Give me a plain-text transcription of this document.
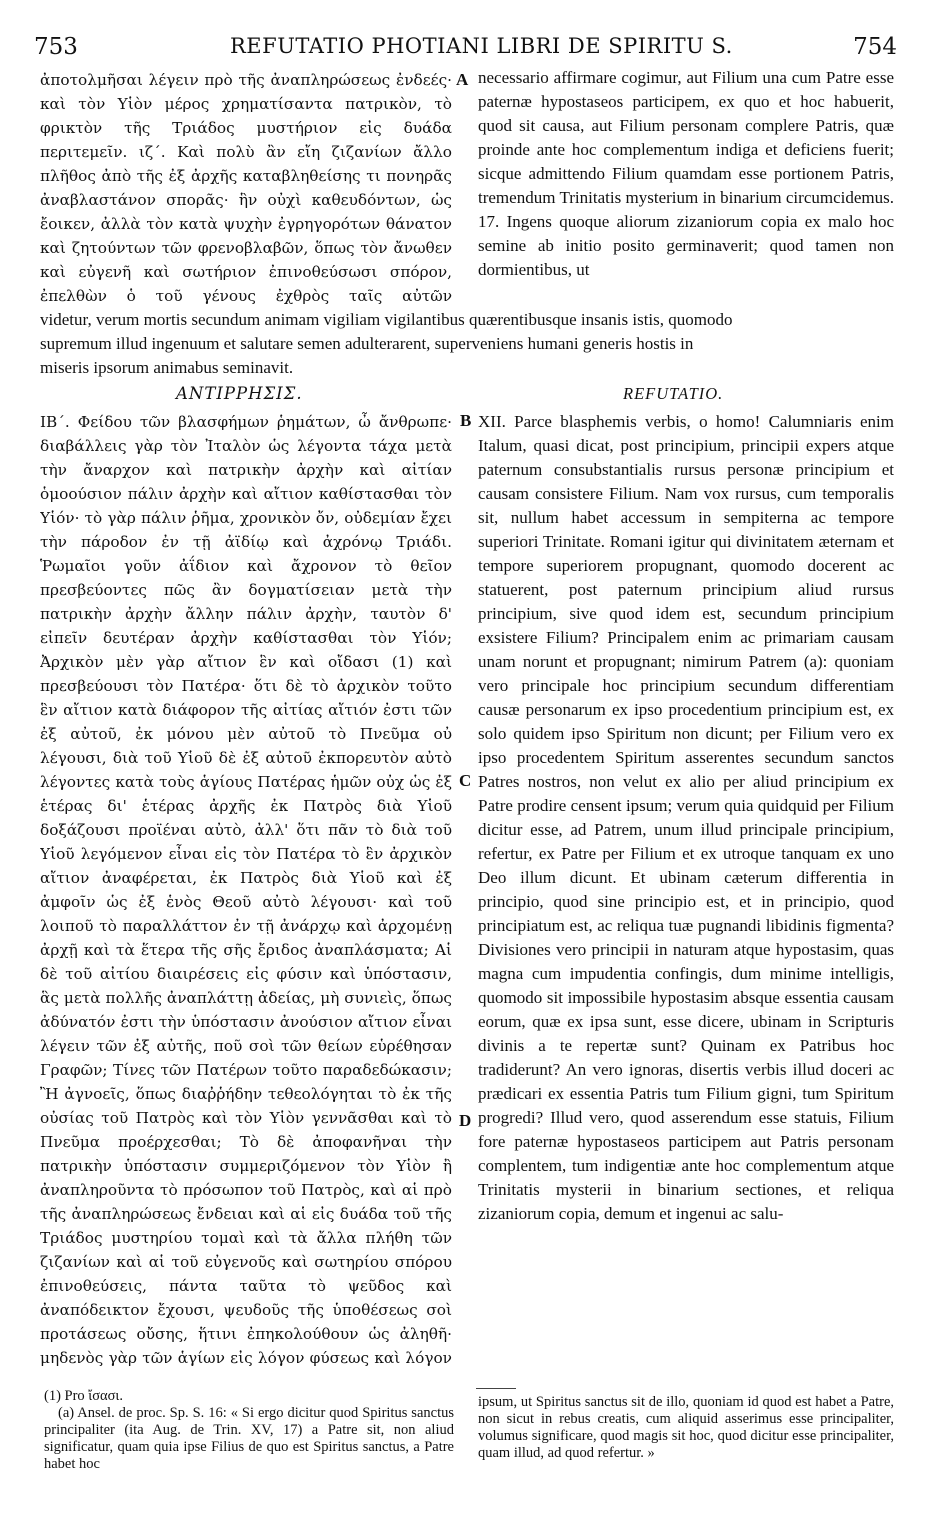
753	REFUTATIO PHOTIANI LIBRI DE SPIRITU S.	754

ἀποτολμῆσαι λέγειν πρὸ τῆς ἀναπληρώσεως ἐνδεές· καὶ τὸν Υἱὸν μέρος χρηματίσαντα πατρικὸν, τὸ φρικτὸν τῆς Τριάδος μυστήριον εἰς δυάδα περιτεμεῖν. ιζ΄. Καὶ πολὺ ἂν εἴη ζιζανίων ἄλλο πλῆθος ἀπὸ τῆς ἐξ ἀρχῆς καταβληθείσης τι πονηρᾶς ἀναβλαστάνον σπορᾶς· ἣν οὐχὶ καθευδόντων, ὡς ἔοικεν, ἀλλὰ τὸν κατὰ ψυχὴν ἐγρηγορότων θάνατον καὶ ζητούντων τῶν φρενοβλαβῶν, ὅπως τὸν ἄνωθεν καὶ εὐγενῆ καὶ σωτήριον ἐπινοθεύσωσι σπόρον, ἐπελθὼν ὁ τοῦ γένους ἐχθρὸς ταῖς αὐτῶν

necessario affirmare cogimur, aut Filium una cum Patre esse paternæ hypostaseos participem, ex quo et hoc habuerit, quod sit causa, aut Filium personam complere Patris, quæ proinde ante hoc complementum indiga et deficiens fuerit; sicque admittendo Filium quamdam esse portionem Patris, tremendum Trinitatis mysterium in binarium circumcidemus. 17. Ingens quoque aliorum zizaniorum copia ex malo hoc semine ab initio posito germinaverit; quod tamen non dormientibus, ut

videtur, verum mortis secundum animam vigiliam vigilantibus quærentibusque insanis istis, quomodo
supremum illud ingenuum et salutare semen adulterarent, superveniens humani generis hostis in
miseris ipsorum animabus seminavit.
ΑΝΤΙΡΡΗΣΙΣ.	REFUTATIO.
A
B
C
D

ΙΒ΄. Φείδου τῶν βλασφήμων ῥημάτων, ὦ ἄνθρωπε· διαβάλλεις γὰρ τὸν Ἰταλὸν ὡς λέγοντα τάχα μετὰ τὴν ἄναρχον καὶ πατρικὴν ἀρχὴν καὶ αἰτίαν ὁμοούσιον πάλιν ἀρχὴν καὶ αἴτιον καθίστασθαι τὸν Υἱόν· τὸ γὰρ πάλιν ῥῆμα, χρονικὸν ὄν, οὐδεμίαν ἔχει τὴν πάροδον ἐν τῇ ἀϊδίῳ καὶ ἀχρόνῳ Τριάδι. Ῥωμαῖοι γοῦν ἀΐδιον καὶ ἄχρονον τὸ θεῖον πρεσβεύοντες πῶς ἂν δογματίσειαν μετὰ τὴν πατρικὴν ἀρχὴν ἄλλην πάλιν ἀρχὴν, ταυτὸν δ' εἰπεῖν δευτέραν ἀρχὴν καθίστασθαι τὸν Υἱόν; Ἀρχικὸν μὲν γὰρ αἴτιον ἓν καὶ οἴδασι (1) καὶ πρεσβεύουσι τὸν Πατέρα· ὅτι δὲ τὸ ἀρχικὸν τοῦτο ἓν αἴτιον κατὰ διάφορον τῆς αἰτίας αἴτιόν ἐστι τῶν ἐξ αὐτοῦ, ἐκ μόνου μὲν αὐτοῦ τὸ Πνεῦμα οὐ λέγουσι, διὰ τοῦ Υἱοῦ δὲ ἐξ αὐτοῦ ἐκπορευτὸν αὐτὸ λέγοντες κατὰ τοὺς ἁγίους Πατέρας ἡμῶν οὐχ ὡς ἐξ ἑτέρας δι' ἑτέρας ἀρχῆς ἐκ Πατρὸς διὰ Υἱοῦ δοξάζουσι προϊέναι αὐτὸ, ἀλλ' ὅτι πᾶν τὸ διὰ τοῦ Υἱοῦ λεγόμενον εἶναι εἰς τὸν Πατέρα τὸ ἓν ἀρχικὸν αἴτιον ἀναφέρεται, ἐκ Πατρὸς διὰ Υἱοῦ καὶ ἐξ ἀμφοῖν ὡς ἐξ ἑνὸς Θεοῦ αὐτὸ λέγουσι· καὶ τοῦ λοιποῦ τὸ παραλλάττον ἐν τῇ ἀνάρχῳ καὶ ἀρχομένῃ ἀρχῇ καὶ τὰ ἕτερα τῆς σῆς ἔριδος ἀναπλάσματα; Αἱ δὲ τοῦ αἰτίου διαιρέσεις εἰς φύσιν καὶ ὑπόστασιν, ἃς μετὰ πολλῆς ἀναπλάττῃ ἀδείας, μὴ συνιεὶς, ὅπως ἀδύνατόν ἐστι τὴν ὑπόστασιν ἀνούσιον αἴτιον εἶναι λέγειν τῶν ἐξ αὐτῆς, ποῦ σοὶ τῶν θείων εὑρέθησαν Γραφῶν; Τίνες τῶν Πατέρων τοῦτο παραδεδώκασιν; Ἢ ἀγνοεῖς, ὅπως διαῤῥήδην τεθεολόγηται τὸ ἐκ τῆς οὐσίας τοῦ Πατρὸς καὶ τὸν Υἱὸν γεννᾶσθαι καὶ τὸ Πνεῦμα προέρχεσθαι; Τὸ δὲ ἀποφανῆναι τὴν πατρικὴν ὑπόστασιν συμμεριζόμενον τὸν Υἱὸν ἢ ἀναπληροῦντα τὸ πρόσωπον τοῦ Πατρὸς, καὶ αἱ πρὸ τῆς ἀναπληρώσεως ἔνδειαι καὶ αἱ εἰς δυάδα τοῦ τῆς Τριάδος μυστηρίου τομαὶ καὶ τὰ ἄλλα πλήθη τῶν ζιζανίων καὶ αἱ τοῦ εὐγενοῦς καὶ σωτηρίου σπόρου ἐπινοθεύσεις, πάντα ταῦτα τὸ ψεῦδος καὶ ἀναπόδεικτον ἔχουσι, ψευδοῦς τῆς ὑποθέσεως σοὶ προτάσεως οὔσης, ἥτινι ἐπηκολούθουν ὡς ἀληθῆ· μηδενὸς γὰρ τῶν ἁγίων εἰς λόγον φύσεως καὶ λόγον

XII. Parce blasphemis verbis, o homo! Calumniaris enim Italum, quasi dicat, post principium, principii expers atque paternum consubstantialis rursus personæ principium et causam consistere Filium. Nam vox rursus, cum temporalis sit, nullum habet accessum in sempiterna ac tempore superiori Trinitate. Romani igitur qui divinitatem æternam et tempore superiorem propugnant, quomodo docerent ac statuerent, post paternum principium aliud rursus principium, sive quod idem est, secundum principium exsistere Filium? Principalem enim ac primariam causam unam norunt et propugnant; nimirum Patrem (a): quoniam vero principale hoc principium secundum differentiam causæ personarum ex ipso procedentium principium est, ex solo quidem ipso Spiritum non dicunt; per Filium vero ex ipso procedentem Spiritum asserentes secundum sanctos Patres nostros, non velut ex alio per aliud principium ex Patre prodire censent ipsum; verum quia quidquid per Filium dicitur esse, ad Patrem, unum illud principale principium, refertur, ex Patre per Filium et ex utroque tanquam ex uno Deo illum dicunt. Et ubinam cæterum differentia in principio, quod sine principio est, et in principio, quod principiatum est, ac reliqua tuæ pugnandi libidinis figmenta? Divisiones vero principii in naturam atque hypostasim, quas magna cum impudentia confingis, dum minime intelligis, quomodo sit impossibile hypostasim absque essentia causam eorum, quæ ex ipsa sunt, esse dicere, ubinam in Scripturis divinis a te repertæ sunt? Quinam ex Patribus hoc tradiderunt? An vero ignoras, disertis verbis illud doceri ac prædicari ex essentia Patris tum Filium gigni, tum Spiritum progredi? Illud vero, quod asserendum esse statuis, Filium fore paternæ hypostaseos participem aut Patris personam complentem, tum indigentiæ ante hoc complementum atque Trinitatis mysterii in binarium sectiones, et reliqua zizaniorum copia, demum et ingenui ac salu-

(1) Pro ἴσασι.

(a) Ansel. de proc. Sp. S. 16: « Si ergo dicitur quod Spiritus sanctus principaliter (ita Aug. de Trin. XV, 17) a Patre sit, non aliud significatur, quam quia ipse Filius de quo est Spiritus sanctus, a Patre habet hoc

ipsum, ut Spiritus sanctus sit de illo, quoniam id quod est habet a Patre, non sicut in rebus creatis, cum aliquid asserimus esse principaliter, volumus significare, quod magis sit hoc, quod dicitur esse principaliter, quam illud, ad quod refertur. »
